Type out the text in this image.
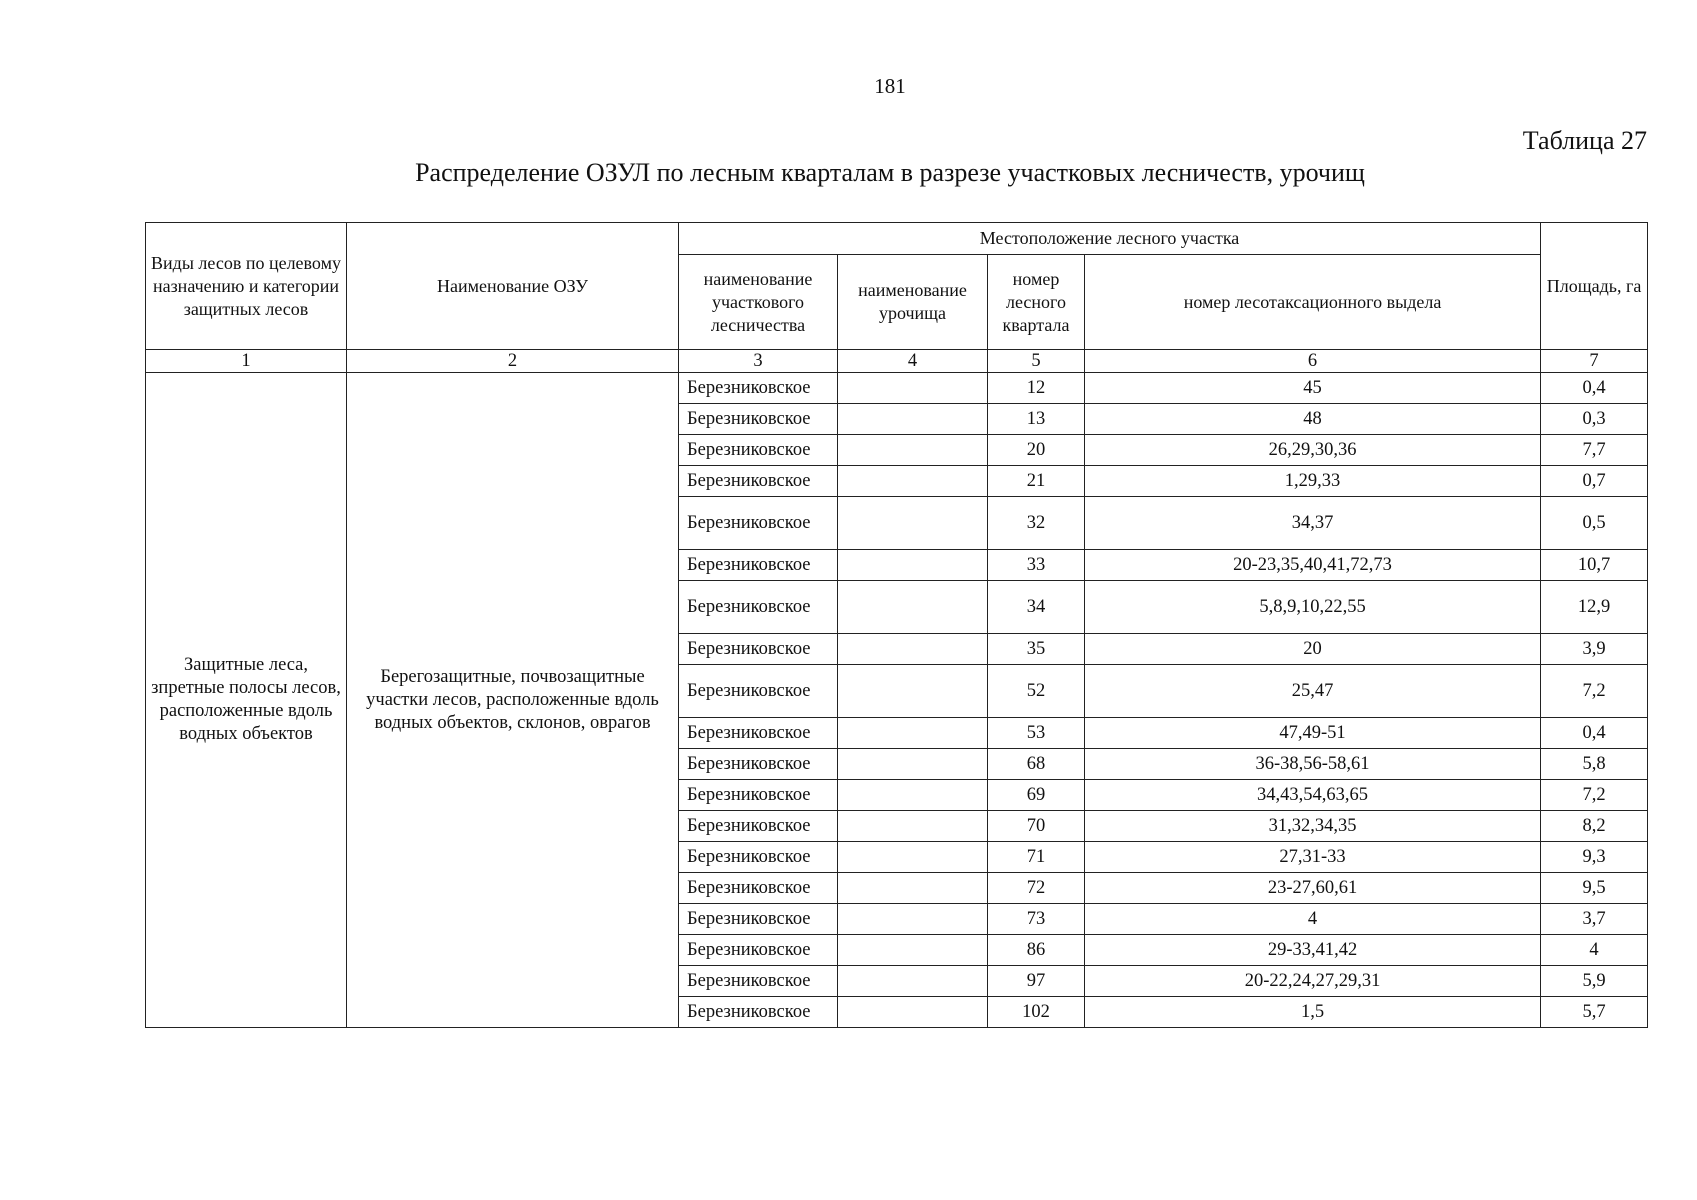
181
Таблица 27
Распределение ОЗУЛ по лесным кварталам в разрезе участковых лесничеств, урочищ
Виды лесов по целевому назначению и категории защитных лесов	Наименование ОЗУ	Местоположение лесного участка				Площадь, га
		наименование участкового лесничества	наименование урочища	номер лесного квартала	номер лесотаксационного выдела	
1	2	3	4	5	6	7
Защитные леса, зпретные полосы лесов, расположенные вдоль водных объектов	Берегозащитные, почвозащитные участки лесов, расположенные вдоль водных объектов, склонов, оврагов	Березниковское		12	45	0,4
		Березниковское		13	48	0,3
		Березниковское		20	26,29,30,36	7,7
		Березниковское		21	1,29,33	0,7
		Березниковское		32	34,37	0,5
		Березниковское		33	20-23,35,40,41,72,73	10,7
		Березниковское		34	5,8,9,10,22,55	12,9
		Березниковское		35	20	3,9
		Березниковское		52	25,47	7,2
		Березниковское		53	47,49-51	0,4
		Березниковское		68	36-38,56-58,61	5,8
		Березниковское		69	34,43,54,63,65	7,2
		Березниковское		70	31,32,34,35	8,2
		Березниковское		71	27,31-33	9,3
		Березниковское		72	23-27,60,61	9,5
		Березниковское		73	4	3,7
		Березниковское		86	29-33,41,42	4
		Березниковское		97	20-22,24,27,29,31	5,9
		Березниковское		102	1,5	5,7
